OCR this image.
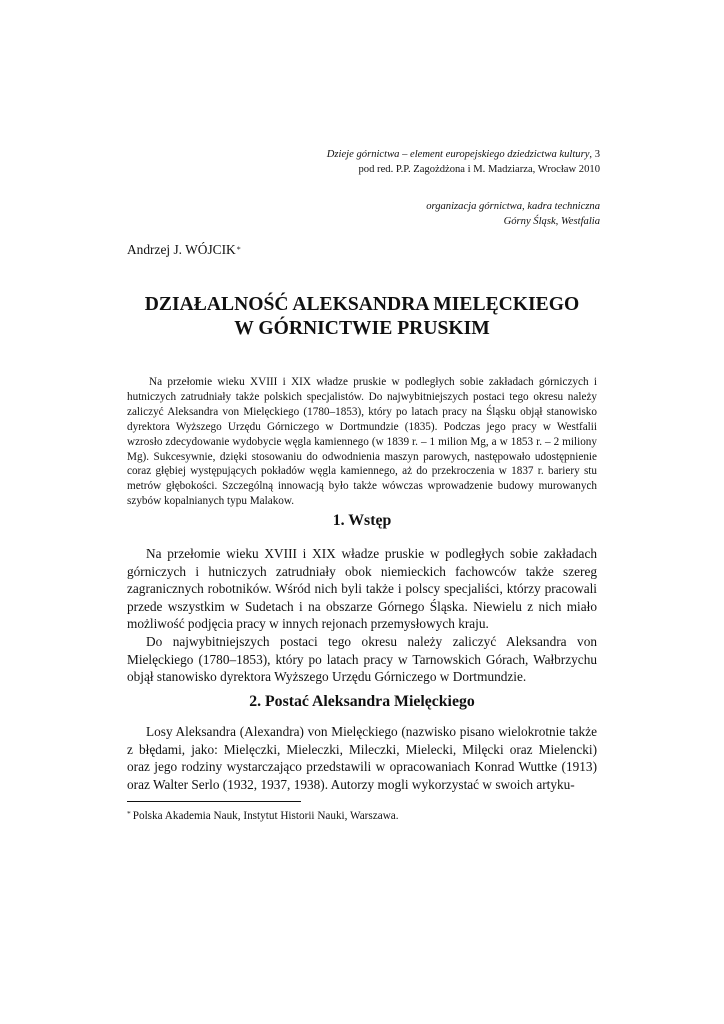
Dzieje górnictwa – element europejskiego dziedzictwa kultury, 3
pod red. P.P. Zagożdżona i M. Madziarza, Wrocław 2010
organizacja górnictwa, kadra techniczna
Górny Śląsk, Westfalia
Andrzej J. WÓJCIK*
DZIAŁALNOŚĆ ALEKSANDRA MIELĘCKIEGO
W GÓRNICTWIE PRUSKIM

Na przełomie wieku XVIII i XIX władze pruskie w podległych sobie zakładach górniczych i hutniczych zatrudniały także polskich specjalistów. Do najwybitniejszych postaci tego okresu należy zaliczyć Aleksandra von Mielęckiego (1780–1853), który po latach pracy na Śląsku objął stanowisko dyrektora Wyższego Urzędu Górniczego w Dortmundzie (1835). Podczas jego pracy w Westfalii wzrosło zdecydowanie wydobycie węgla kamiennego (w 1839 r. – 1 milion Mg, a w 1853 r. – 2 miliony Mg). Sukcesywnie, dzięki stosowaniu do odwodnienia maszyn parowych, następowało udostępnienie coraz głębiej występujących pokładów węgla kamiennego, aż do przekroczenia w 1837 r. bariery stu metrów głębokości. Szczególną innowacją było także wówczas wprowadzenie budowy murowanych szybów kopalnianych typu Malakow.

1. Wstęp

Na przełomie wieku XVIII i XIX władze pruskie w podległych sobie zakładach górniczych i hutniczych zatrudniały obok niemieckich fachowców także szereg zagranicznych robotników. Wśród nich byli także i polscy specjaliści, którzy pracowali przede wszystkim w Sudetach i na obszarze Górnego Śląska. Niewielu z nich miało możliwość podjęcia pracy w innych rejonach przemysłowych kraju.

Do najwybitniejszych postaci tego okresu należy zaliczyć Aleksandra von Mielęckiego (1780–1853), który po latach pracy w Tarnowskich Górach, Wałbrzychu objął stanowisko dyrektora Wyższego Urzędu Górniczego w Dortmundzie.

2. Postać Aleksandra Mielęckiego

Losy Aleksandra (Alexandra) von Mielęckiego (nazwisko pisano wielokrotnie także z błędami, jako: Mielęczki, Mieleczki, Mileczki, Mielecki, Milęcki oraz Mielencki) oraz jego rodziny wystarczająco przedstawili w opracowaniach Konrad Wuttke (1913) oraz Walter Serlo (1932, 1937, 1938). Autorzy mogli wykorzystać w swoich artyku-

* Polska Akademia Nauk, Instytut Historii Nauki, Warszawa.
